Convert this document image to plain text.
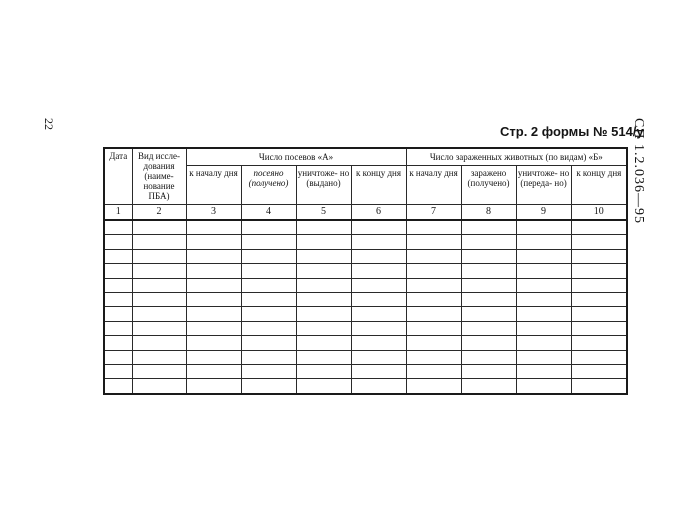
22	СП 1.2.036—95
Стр. 2 формы № 514/у
Дата	Вид иссле- дования (наиме- нование ПБА)	Число посевов «А»				Число зараженных животных (по видам) «Б»			
		к началу дня	посеяно (получено)	уничтоже- но (выдано)	к концу дня	к началу дня	заражено (получено)	уничтоже- но (переда- но)	к концу дня
1	2	3	4	5	6	7	8	9	10
